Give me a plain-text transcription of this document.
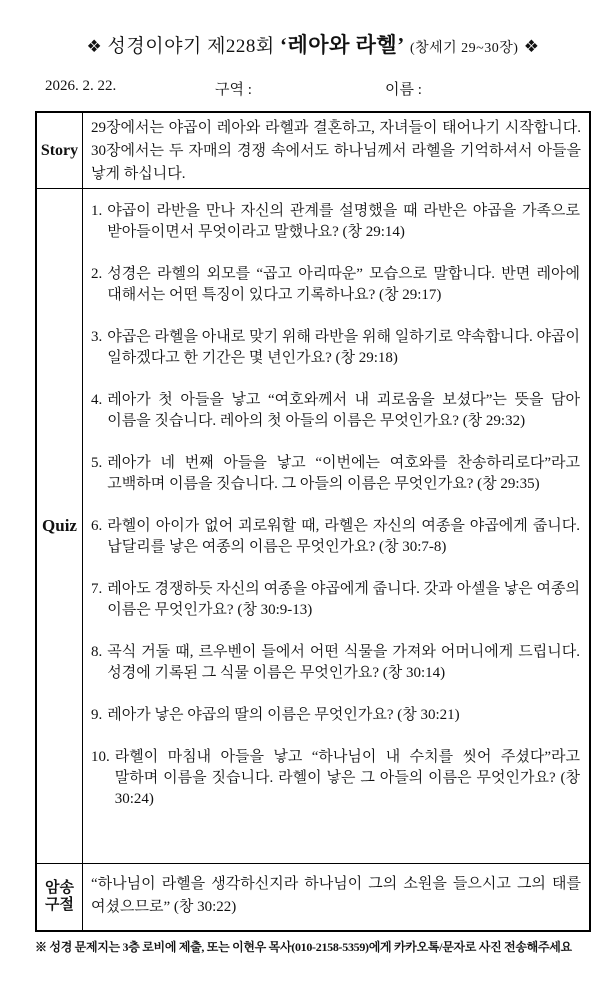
❖ 성경이야기 제228회 ‘레아와 라헬’ (창세기 29~30장) ❖
2026. 2. 22.	구역 :	이름 :
Story
29장에서는 야곱이 레아와 라헬과 결혼하고, 자녀들이 태어나기 시작합니다. 30장에서는 두 자매의 경쟁 속에서도 하나님께서 라헬을 기억하셔서 아들을 낳게 하십니다.
Quiz
1. 야곱이 라반을 만나 자신의 관계를 설명했을 때 라반은 야곱을 가족으로 받아들이면서 무엇이라고 말했나요? (창 29:14)
2. 성경은 라헬의 외모를 “곱고 아리따운” 모습으로 말합니다. 반면 레아에 대해서는 어떤 특징이 있다고 기록하나요? (창 29:17)
3. 야곱은 라헬을 아내로 맞기 위해 라반을 위해 일하기로 약속합니다. 야곱이 일하겠다고 한 기간은 몇 년인가요? (창 29:18)
4. 레아가 첫 아들을 낳고 “여호와께서 내 괴로움을 보셨다”는 뜻을 담아 이름을 짓습니다. 레아의 첫 아들의 이름은 무엇인가요? (창 29:32)
5. 레아가 네 번째 아들을 낳고 “이번에는 여호와를 찬송하리로다”라고 고백하며 이름을 짓습니다. 그 아들의 이름은 무엇인가요? (창 29:35)
6. 라헬이 아이가 없어 괴로워할 때, 라헬은 자신의 여종을 야곱에게 줍니다. 납달리를 낳은 여종의 이름은 무엇인가요? (창 30:7-8)
7. 레아도 경쟁하듯 자신의 여종을 야곱에게 줍니다. 갓과 아셀을 낳은 여종의 이름은 무엇인가요? (창 30:9-13)
8. 곡식 거둘 때, 르우벤이 들에서 어떤 식물을 가져와 어머니에게 드립니다. 성경에 기록된 그 식물 이름은 무엇인가요? (창 30:14)
9. 레아가 낳은 야곱의 딸의 이름은 무엇인가요? (창 30:21)
10. 라헬이 마침내 아들을 낳고 “하나님이 내 수치를 씻어 주셨다”라고 말하며 이름을 짓습니다. 라헬이 낳은 그 아들의 이름은 무엇인가요? (창 30:24)
암송
구절
“하나님이 라헬을 생각하신지라 하나님이 그의 소원을 들으시고 그의 태를 여셨으므로” (창 30:22)
※ 성경 문제지는 3층 로비에 제출, 또는 이현우 목사(010-2158-5359)에게 카카오톡/문자로 사진 전송해주세요
